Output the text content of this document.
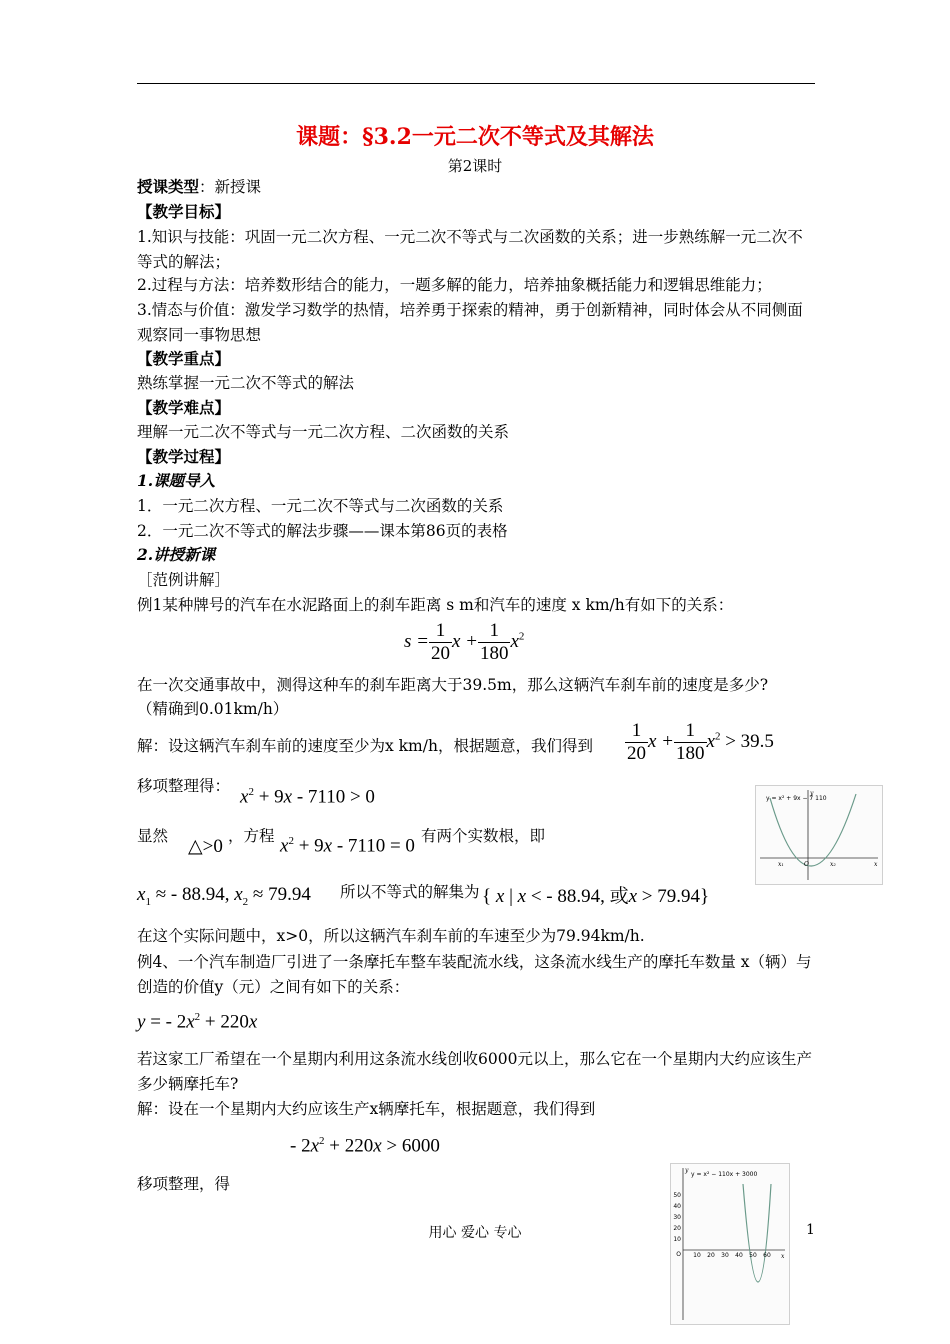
课题：§3.2一元二次不等式及其解法
第2课时
授课类型：新授课
【教学目标】
1.知识与技能：巩固一元二次方程、一元二次不等式与二次函数的关系；进一步熟练解一元二次不等式的解法；
2.过程与方法：培养数形结合的能力，一题多解的能力，培养抽象概括能力和逻辑思维能力；
3.情态与价值：激发学习数学的热情，培养勇于探索的精神，勇于创新精神，同时体会从不同侧面观察同一事物思想
【教学重点】
熟练掌握一元二次不等式的解法
【教学难点】
理解一元二次不等式与一元二次方程、二次函数的关系
【教学过程】
1.课题导入
1．一元二次方程、一元二次不等式与二次函数的关系
2．一元二次不等式的解法步骤——课本第86页的表格
2.讲授新课
［范例讲解］
例1某种牌号的汽车在水泥路面上的刹车距离 s m和汽车的速度 x km/h有如下的关系：
$s = \frac{1}{20}$ $x + \frac{1}{180} x^2$
在一次交通事故中，测得这种车的刹车距离大于39.5m，那么这辆汽车刹车前的速度是多少?
（精确到0.01km/h）
解：设这辆汽车刹车前的速度至少为x km/h，根据题意，我们得到 $\frac{1}{20}$ $x + \frac{1}{180} x^2 > 39.5$
移项整理得：
$x^2 + 9x - 7110 > 0$
显然 △>0 ，方程 $x^2 + 9x - 7110 = 0$ 有两个实数根，即
$x_1$ ≈ - 88.94, $x_2 \approx 79.94$ 所以不等式的解集为 { x | x < - 88.94, 或x > 79.94}
在这个实际问题中，x>0，所以这辆汽车刹车前的车速至少为79.94km/h.
y = x² + 9x − 7 110
x₁	O	x₂	x
y
例4、一个汽车制造厂引进了一条摩托车整车装配流水线，这条流水线生产的摩托车数量 x（辆）与创造的价值y（元）之间有如下的关系：
y = - $2x^2 + 220x$
若这家工厂希望在一个星期内利用这条流水线创收6000元以上，那么它在一个星期内大约应该生产多少辆摩托车?
解：设在一个星期内大约应该生产x辆摩托车，根据题意，我们得到
- $2x^2 + 220x > 6000$
移项整理，得
y = x² − 110x + 3000
y
x
50
40
30
20
10
O 10 20 30 40 50 60
用心 爱心 专心	1
